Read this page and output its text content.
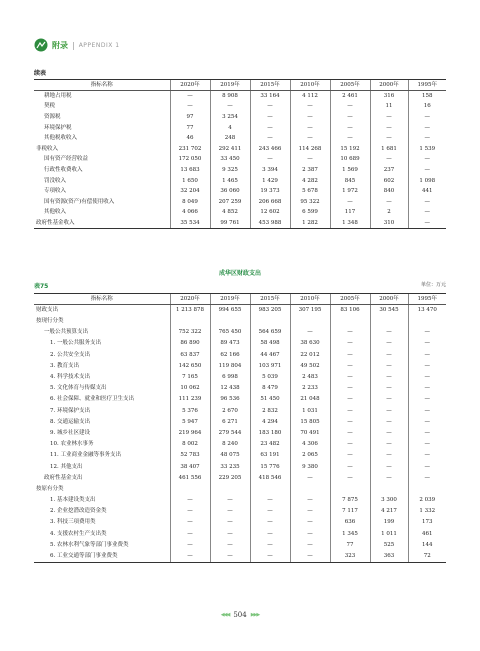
附录 | APPENDIX 1
续表
指标名称	2020年	2019年	2015年	2010年	2005年	2000年	1995年
耕地占用税	—	8 908	33 164	4 112	2 461	316	158
契税	—	—	—	—	—	11	16
资源税	97	3 254	—	—	—	—	—
环境保护税	77	4	—	—	—	—	—
其他税收收入	46	248	—	—	—	—	—
非税收入	231 702	292 411	243 466	114 268	15 192	1 681	1 539
国有资产经营收益	172 050	33 450	—	—	10 689	—	—
行政性收费收入	13 683	9 325	3 394	2 387	1 569	237	—
罚没收入	1 650	1 465	1 429	4 282	845	602	1 098
专项收入	32 204	36 060	19 373	5 678	1 972	840	441
国有资源(资产)有偿使用收入	8 049	207 259	206 668	95 322	—	—	—
其他收入	4 066	4 852	12 602	6 599	117	2	—
政府性基金收入	35 534	99 761	453 988	1 282	1 348	310	—
成华区财政支出
表75	单位：万元
指标名称	2020年	2019年	2015年	2010年	2005年	2000年	1995年
财政支出	1 213 878	994 655	983 205	307 195	83 106	30 545	13 470
按现行分类							
一般公共预算支出	752 322	765 450	564 659	—	—	—	—
1. 一般公共服务支出	86 890	89 473	58 498	38 630	—	—	—
2. 公共安全支出	63 837	62 166	44 467	22 012	—	—	—
3. 教育支出	142 650	119 804	103 971	49 502	—	—	—
4. 科学技术支出	7 165	6 998	5 039	2 483	—	—	—
5. 文化体育与传媒支出	10 062	12 438	8 479	2 233	—	—	—
6. 社会保障、就业和医疗卫生支出	111 239	96 536	51 450	21 048	—	—	—
7. 环境保护支出	5 376	2 670	2 832	1 031	—	—	—
8. 交通运输支出	5 947	6 271	4 294	15 805	—	—	—
9. 城乡社区建设	219 964	279 544	183 180	70 491	—	—	—
10. 农业林水事务	8 002	8 240	23 482	4 306	—	—	—
11. 工业商业金融等事务支出	52 783	48 075	63 191	2 065	—	—	—
12. 其他支出	38 407	33 235	15 776	9 380	—	—	—
政府性基金支出	461 556	229 205	418 546	—	—	—	—
按原有分类							
1. 基本建设类支出	—	—	—	—	7 875	3 300	2 039
2. 企业挖潜改造资金类	—	—	—	—	7 117	4 217	1 332
3. 科技三项费用类	—	—	—	—	636	199	173
4. 支援农村生产支出类	—	—	—	—	1 345	1 011	461
5. 农林水利气象等部门事业费类	—	—	—	—	77	525	144
6. 工业交通等部门事业费类	—	—	—	—	323	363	72
◀◀◀ 504 ▶▶▶
